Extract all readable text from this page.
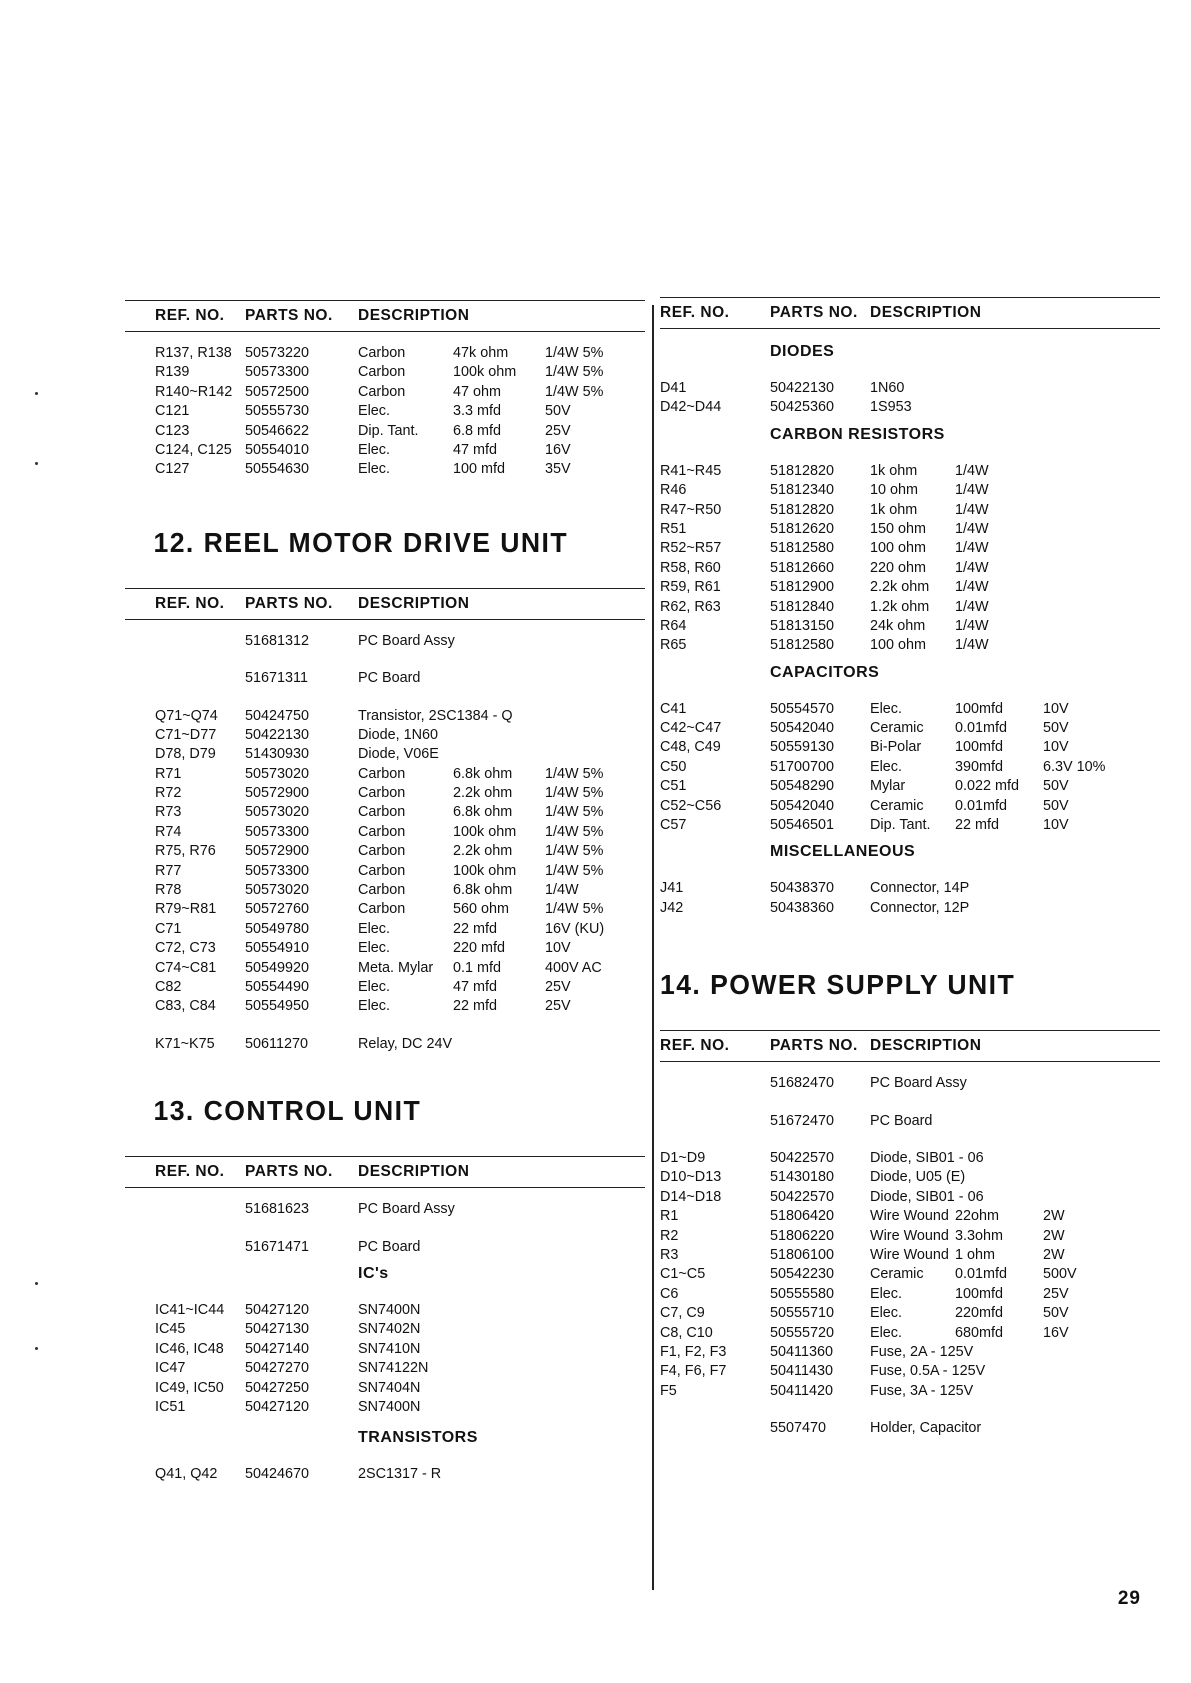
REF. NO.	PARTS NO.	DESCRIPTION
R137, R138 50573220	Carbon	47k ohm	1/4W 5%
R139	50573300	Carbon	100k ohm	1/4W 5%
R140~R142 50572500	Carbon	47 ohm	1/4W 5%
C121	50555730	Elec.	3.3 mfd	50V
C123	50546622	Dip. Tant.	6.8 mfd	25V
C124, C125 50554010	Elec.	47 mfd	16V
C127	50554630	Elec.	100 mfd	35V
12. REEL MOTOR DRIVE UNIT
REF. NO.	PARTS NO.	DESCRIPTION
51681312	PC Board Assy
51671311	PC Board
Q71~Q74	50424750	Transistor, 2SC1384 - Q
C71~D77	50422130	Diode, 1N60
D78, D79	51430930	Diode, V06E
R71	50573020	Carbon	6.8k ohm	1/4W 5%
R72	50572900	Carbon	2.2k ohm	1/4W 5%
R73	50573020	Carbon	6.8k ohm	1/4W 5%
R74	50573300	Carbon	100k ohm	1/4W 5%
R75, R76	50572900	Carbon	2.2k ohm	1/4W 5%
R77	50573300	Carbon	100k ohm	1/4W 5%
R78	50573020	Carbon	6.8k ohm	1/4W
R79~R81	50572760	Carbon	560 ohm	1/4W 5%
C71	50549780	Elec.	22 mfd	16V (KU)
C72, C73	50554910	Elec.	220 mfd	10V
C74~C81	50549920	Meta. Mylar	0.1 mfd	400V AC
C82	50554490	Elec.	47 mfd	25V
C83, C84	50554950	Elec.	22 mfd	25V
K71~K75	50611270	Relay, DC 24V
13. CONTROL UNIT
REF. NO.	PARTS NO.	DESCRIPTION
51681623	PC Board Assy
51671471	PC Board
IC's
IC41~IC44	50427120	SN7400N
IC45	50427130	SN7402N
IC46, IC48	50427140	SN7410N
IC47	50427270	SN74122N
IC49, IC50	50427250	SN7404N
IC51	50427120	SN7400N
TRANSISTORS
Q41, Q42	50424670	2SC1317 - R
REF. NO.	PARTS NO. DESCRIPTION
DIODES
D41	50422130	1N60
D42~D44	50425360	1S953
CARBON RESISTORS
R41~R45	51812820	1k ohm	1/4W
R46	51812340	10 ohm	1/4W
R47~R50	51812820	1k ohm	1/4W
R51	51812620	150 ohm	1/4W
R52~R57	51812580	100 ohm	1/4W
R58, R60	51812660	220 ohm	1/4W
R59, R61	51812900	2.2k ohm	1/4W
R62, R63	51812840	1.2k ohm	1/4W
R64	51813150	24k ohm	1/4W
R65	51812580	100 ohm	1/4W
CAPACITORS
C41	50554570	Elec.	100mfd	10V
C42~C47	50542040	Ceramic	0.01mfd	50V
C48, C49	50559130	Bi-Polar	100mfd	10V
C50	51700700	Elec.	390mfd	6.3V 10%
C51	50548290	Mylar	0.022 mfd	50V
C52~C56	50542040	Ceramic	0.01mfd	50V
C57	50546501	Dip. Tant.	22 mfd	10V
MISCELLANEOUS
J41	50438370	Connector, 14P
J42	50438360	Connector, 12P
14. POWER SUPPLY UNIT
REF. NO.	PARTS NO. DESCRIPTION
51682470	PC Board Assy
51672470	PC Board
D1~D9	50422570	Diode, SIB01 - 06
D10~D13	51430180	Diode, U05 (E)
D14~D18	50422570	Diode, SIB01 - 06
R1	51806420	Wire Wound 22ohm	2W
R2	51806220	Wire Wound 3.3ohm	2W
R3	51806100	Wire Wound 1 ohm	2W
C1~C5	50542230	Ceramic	0.01mfd	500V
C6	50555580	Elec.	100mfd	25V
C7, C9	50555710	Elec.	220mfd	50V
C8, C10	50555720	Elec.	680mfd	16V
F1, F2, F3	50411360	Fuse, 2A - 125V
F4, F6, F7	50411430	Fuse, 0.5A - 125V
F5	50411420	Fuse, 3A - 125V
5507470	Holder, Capacitor
29
